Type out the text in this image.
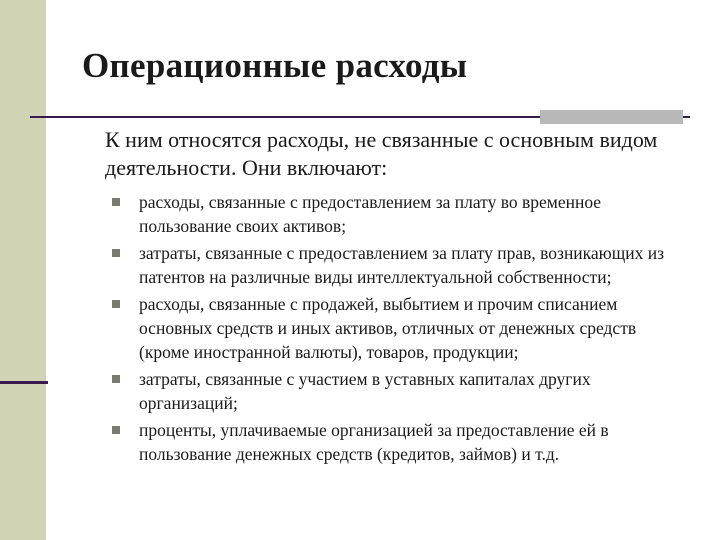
Операционные расходы
К ним относятся расходы, не связанные с основным видом деятельности. Они включают:
расходы, связанные с предоставлением за плату во временное пользование своих активов;
затраты, связанные с предоставлением за плату прав, возникающих из патентов на различные виды интеллектуальной собственности;
расходы, связанные с продажей, выбытием и прочим списанием основных средств и иных активов, отличных от денежных средств (кроме иностранной валюты), товаров, продукции;
затраты, связанные с участием в уставных капиталах других организаций;
проценты, уплачиваемые организацией за предоставление ей в пользование денежных средств (кредитов, займов) и т.д.
